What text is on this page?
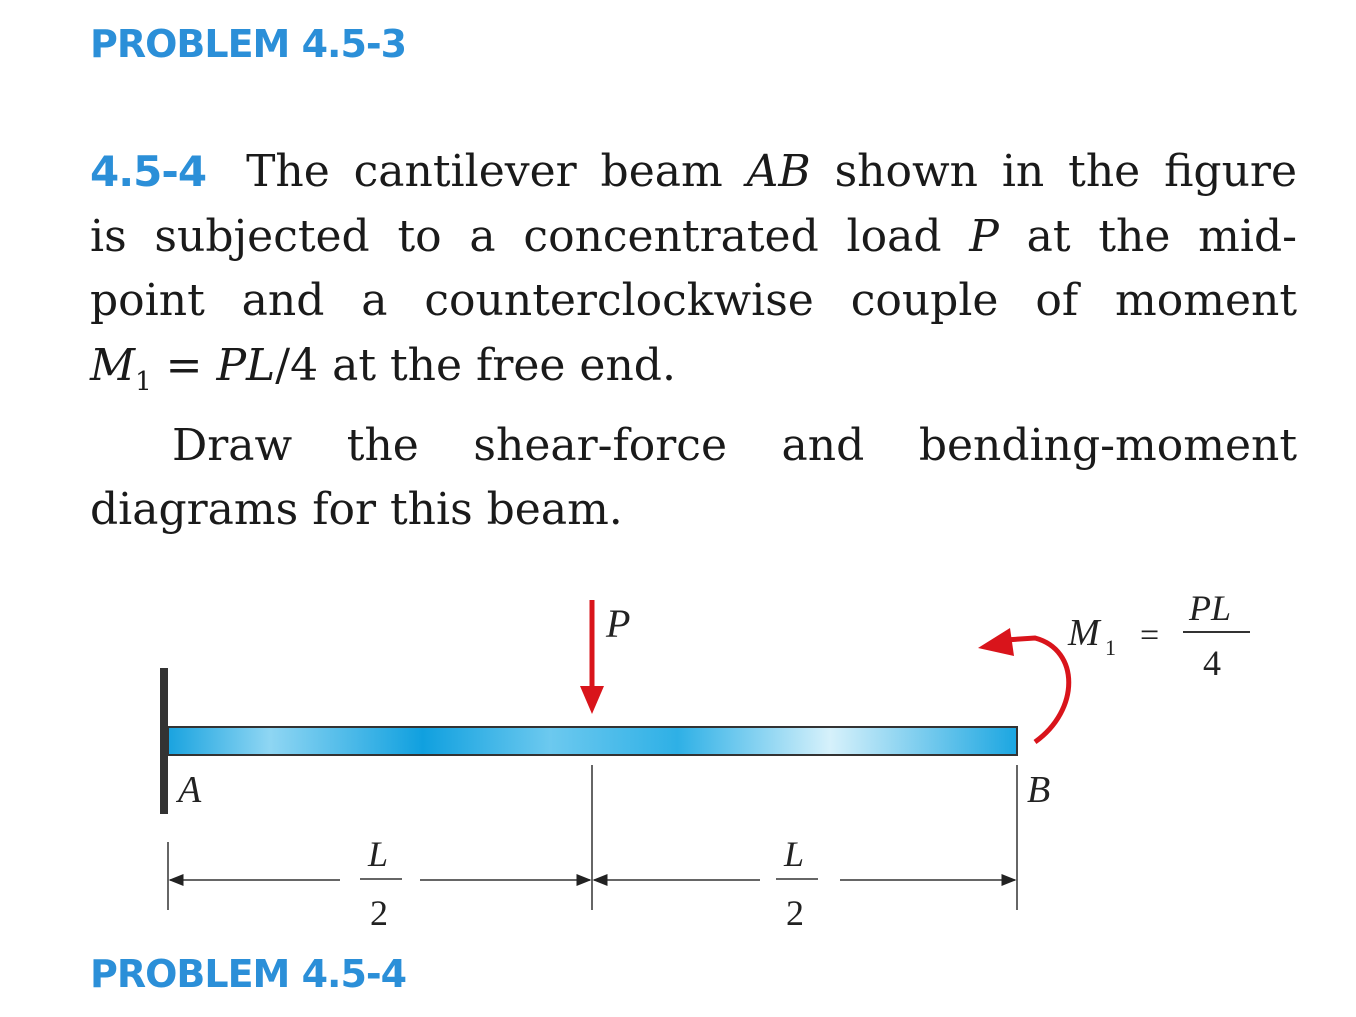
PROBLEM 4.5-3
4.5-4 The cantilever beam AB shown in the figure
is subjected to a concentrated load P at the mid-
point and a counterclockwise couple of moment
$M_1 = PL/4$ at the free end.
Draw the shear-force and bending-moment
diagrams for this beam.
P	M 1 =
PL
4
A	B
L
2
L
2
PROBLEM 4.5-4
